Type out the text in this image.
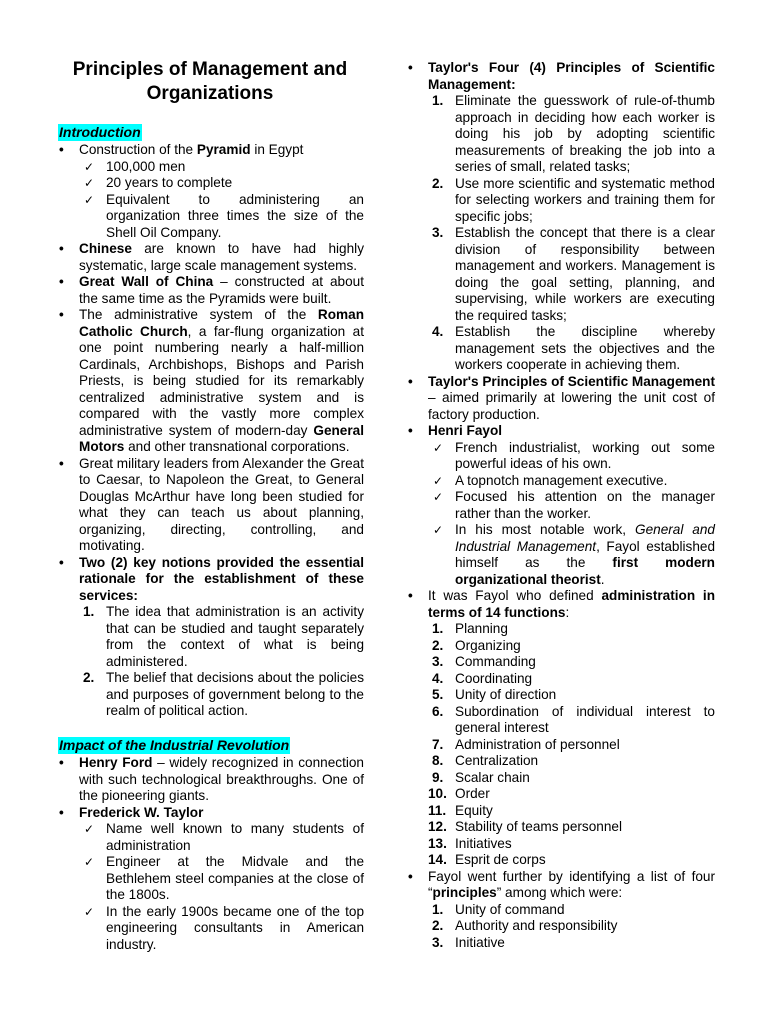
Principles of Management and Organizations
Introduction
• Construction of the Pyramid in Egypt
✓ 100,000 men
✓ 20 years to complete
✓ Equivalent to administering an organization three times the size of the Shell Oil Company.
• Chinese are known to have had highly systematic, large scale management systems.
• Great Wall of China – constructed at about the same time as the Pyramids were built.
• The administrative system of the Roman Catholic Church, a far-flung organization at one point numbering nearly a half-million Cardinals, Archbishops, Bishops and Parish Priests, is being studied for its remarkably centralized administrative system and is compared with the vastly more complex administrative system of modern-day General Motors and other transnational corporations.
• Great military leaders from Alexander the Great to Caesar, to Napoleon the Great, to General Douglas McArthur have long been studied for what they can teach us about planning, organizing, directing, controlling, and motivating.
• Two (2) key notions provided the essential rationale for the establishment of these services:
1. The idea that administration is an activity that can be studied and taught separately from the context of what is being administered.
2. The belief that decisions about the policies and purposes of government belong to the realm of political action.
Impact of the Industrial Revolution
• Henry Ford – widely recognized in connection with such technological breakthroughs. One of the pioneering giants.
• Frederick W. Taylor
✓ Name well known to many students of administration
✓ Engineer at the Midvale and the Bethlehem steel companies at the close of the 1800s.
✓ In the early 1900s became one of the top engineering consultants in American industry.
• Taylor's Four (4) Principles of Scientific Management:
1. Eliminate the guesswork of rule-of-thumb approach in deciding how each worker is doing his job by adopting scientific measurements of breaking the job into a series of small, related tasks;
2. Use more scientific and systematic method for selecting workers and training them for specific jobs;
3. Establish the concept that there is a clear division of responsibility between management and workers. Management is doing the goal setting, planning, and supervising, while workers are executing the required tasks;
4. Establish the discipline whereby management sets the objectives and the workers cooperate in achieving them.
• Taylor's Principles of Scientific Management – aimed primarily at lowering the unit cost of factory production.
• Henri Fayol
✓ French industrialist, working out some powerful ideas of his own.
✓ A topnotch management executive.
✓ Focused his attention on the manager rather than the worker.
✓ In his most notable work, General and Industrial Management, Fayol established himself as the first modern organizational theorist.
• It was Fayol who defined administration in terms of 14 functions:
1. Planning
2. Organizing
3. Commanding
4. Coordinating
5. Unity of direction
6. Subordination of individual interest to general interest
7. Administration of personnel
8. Centralization
9. Scalar chain
10. Order
11. Equity
12. Stability of teams personnel
13. Initiatives
14. Esprit de corps
• Fayol went further by identifying a list of four “principles” among which were:
1. Unity of command
2. Authority and responsibility
3. Initiative
